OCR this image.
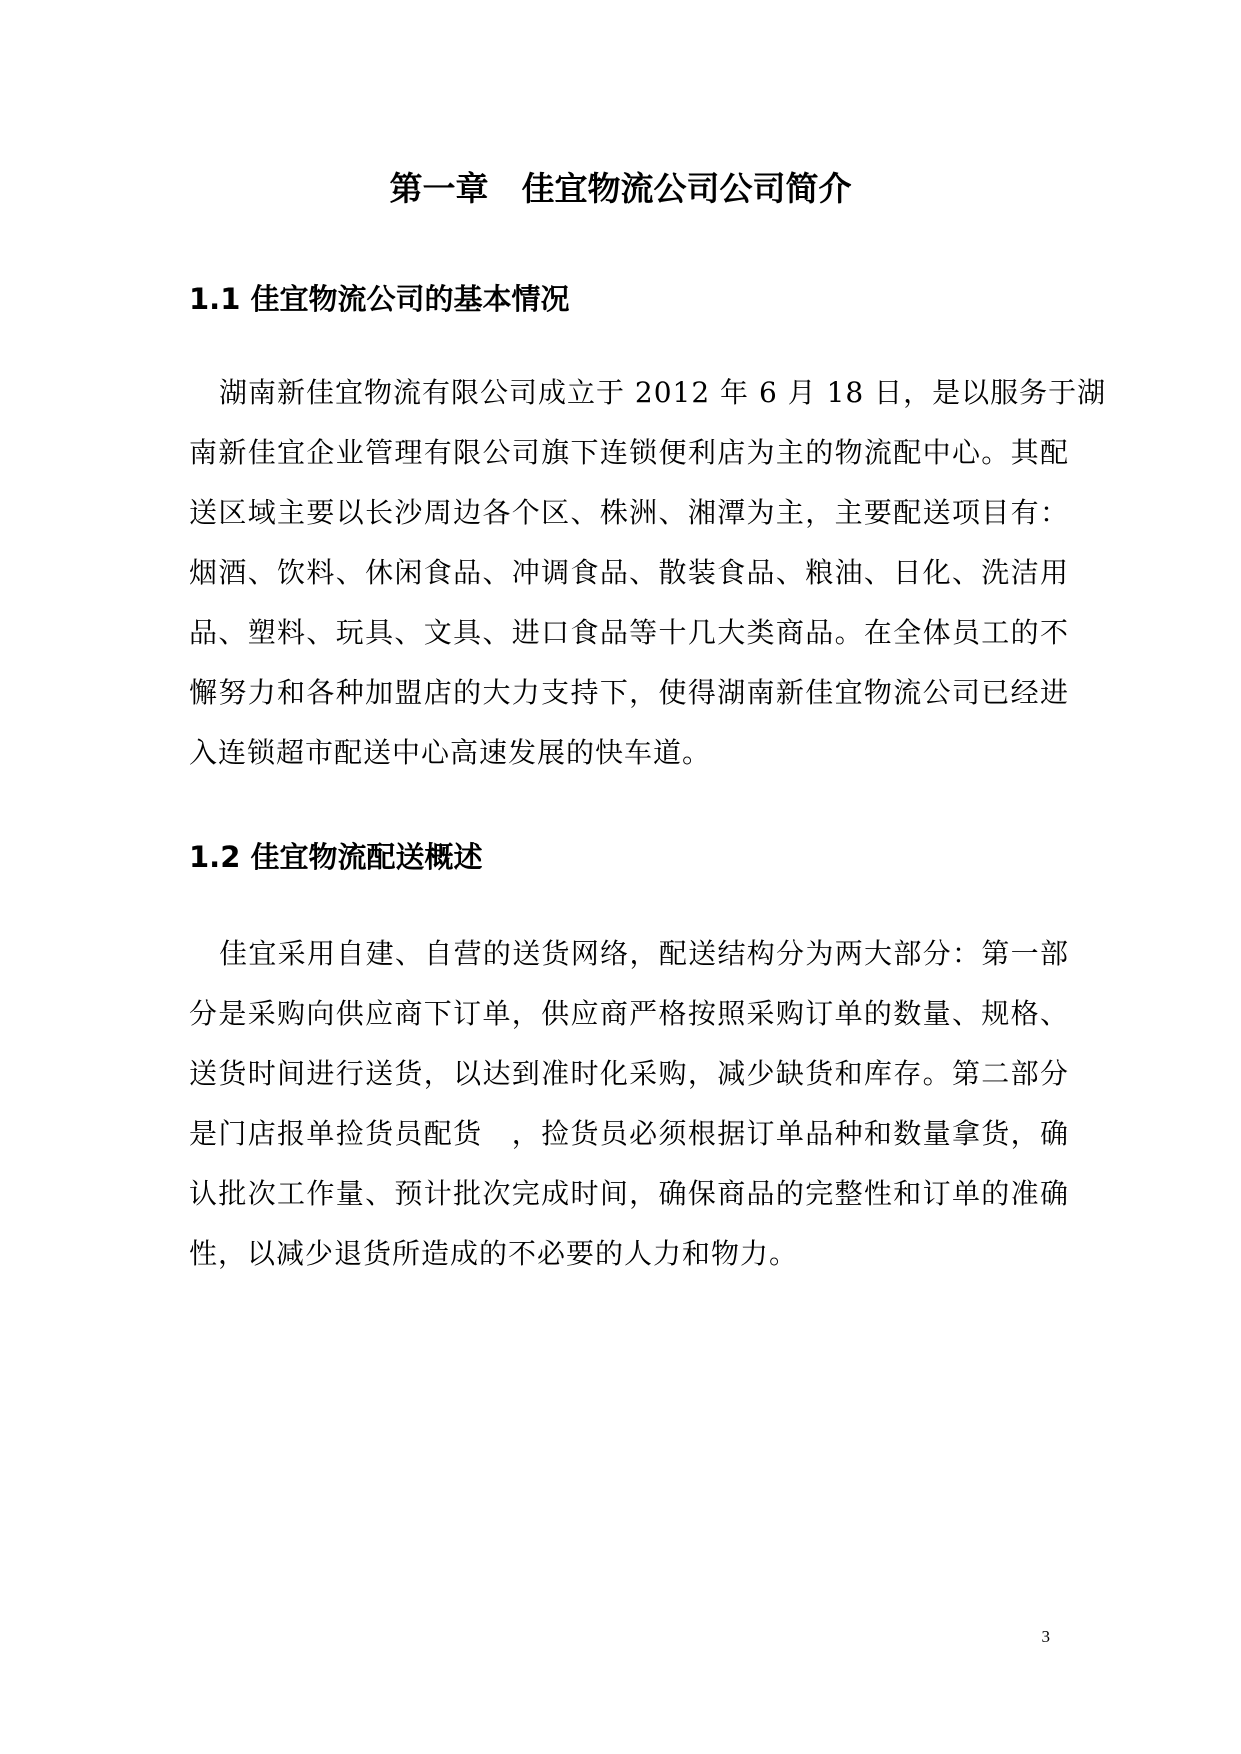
第一章　佳宜物流公司公司简介
1.1 佳宜物流公司的基本情况
湖南新佳宜物流有限公司成立于 2012 年 6 月 18 日，是以服务于湖
南新佳宜企业管理有限公司旗下连锁便利店为主的物流配中心。其配
送区域主要以长沙周边各个区、株洲、湘潭为主，主要配送项目有：
烟酒、饮料、休闲食品、冲调食品、散装食品、粮油、日化、洗洁用
品、塑料、玩具、文具、进口食品等十几大类商品。在全体员工的不
懈努力和各种加盟店的大力支持下，使得湖南新佳宜物流公司已经进
入连锁超市配送中心高速发展的快车道。
1.2 佳宜物流配送概述
佳宜采用自建、自营的送货网络，配送结构分为两大部分：第一部
分是采购向供应商下订单，供应商严格按照采购订单的数量、规格、
送货时间进行送货，以达到准时化采购，减少缺货和库存。第二部分
是门店报单捡货员配货　，捡货员必须根据订单品种和数量拿货，确
认批次工作量、预计批次完成时间，确保商品的完整性和订单的准确
性，以减少退货所造成的不必要的人力和物力。
3
